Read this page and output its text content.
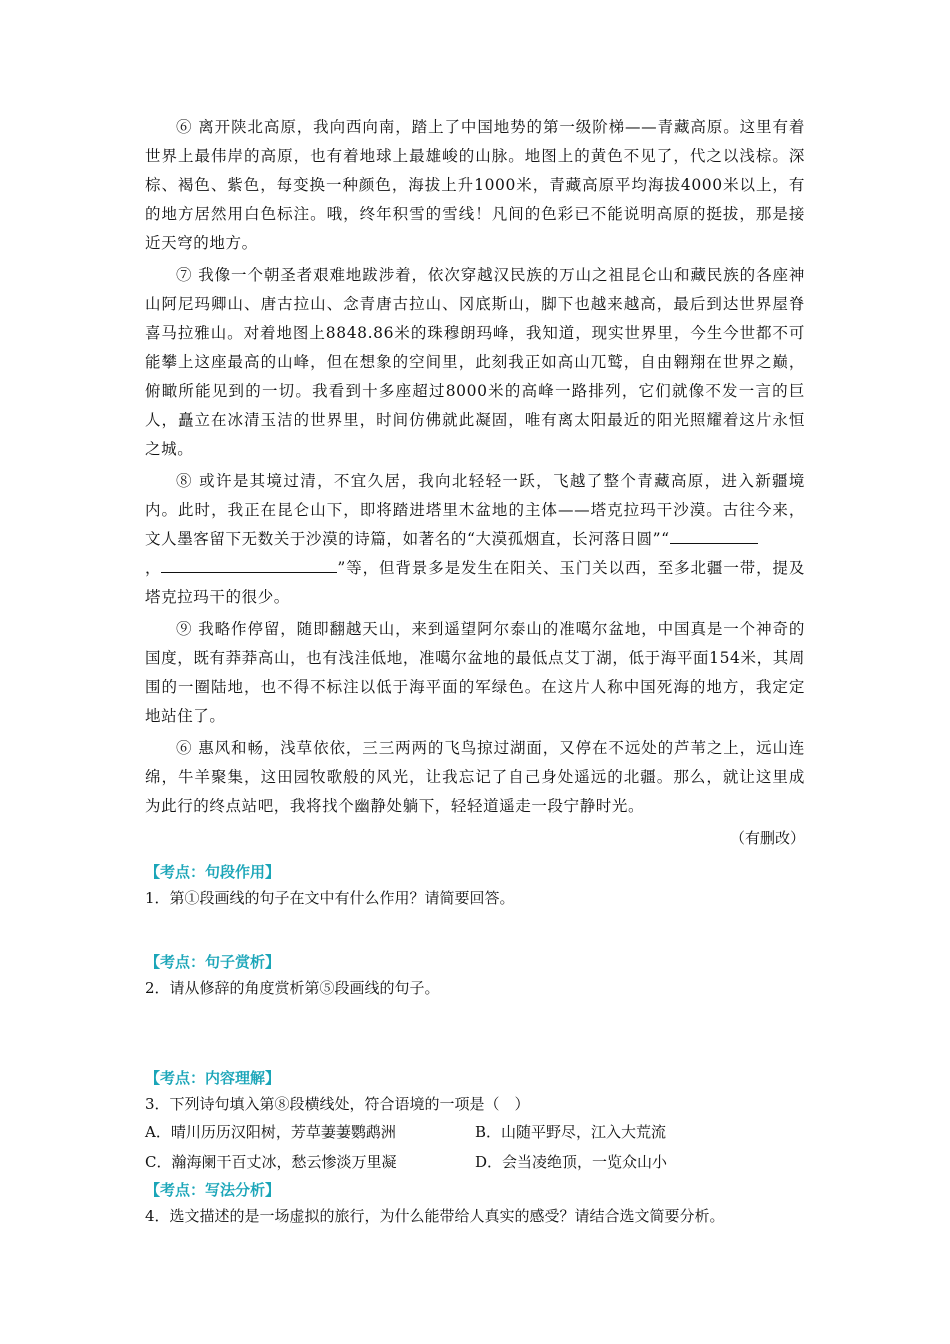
⑥ 离开陕北高原，我向西向南，踏上了中国地势的第一级阶梯——青藏高原。这里有着世界上最伟岸的高原，也有着地球上最雄峻的山脉。地图上的黄色不见了，代之以浅棕。深棕、褐色、紫色，每变换一种颜色，海拔上升1000米，青藏高原平均海拔4000米以上，有的地方居然用白色标注。哦，终年积雪的雪线！凡间的色彩已不能说明高原的挺拔，那是接近天穹的地方。

⑦ 我像一个朝圣者艰难地跋涉着，依次穿越汉民族的万山之祖昆仑山和藏民族的各座神山阿尼玛卿山、唐古拉山、念青唐古拉山、冈底斯山，脚下也越来越高，最后到达世界屋脊喜马拉雅山。对着地图上8848.86米的珠穆朗玛峰，我知道，现实世界里，今生今世都不可能攀上这座最高的山峰，但在想象的空间里，此刻我正如高山兀鹫，自由翱翔在世界之巅，俯瞰所能见到的一切。我看到十多座超过8000米的高峰一路排列，它们就像不发一言的巨人，矗立在冰清玉洁的世界里，时间仿佛就此凝固，唯有离太阳最近的阳光照耀着这片永恒之城。

⑧ 或许是其境过清，不宜久居，我向北轻轻一跃，飞越了整个青藏高原，进入新疆境内。此时，我正在昆仑山下，即将踏进塔里木盆地的主体——塔克拉玛干沙漠。古往今来，文人墨客留下无数关于沙漠的诗篇，如著名的“大漠孤烟直，长河落日圆”“
，	”等，但背景多是发生在阳关、玉门关以西，至多北疆一带，提及塔克拉玛干的很少。

⑨ 我略作停留，随即翻越天山，来到遥望阿尔泰山的准噶尔盆地，中国真是一个神奇的国度，既有莽莽高山，也有浅洼低地，准噶尔盆地的最低点艾丁湖，低于海平面154米，其周围的一圈陆地，也不得不标注以低于海平面的军绿色。在这片人称中国死海的地方，我定定地站住了。

⑥ 惠风和畅，浅草依依，三三两两的飞鸟掠过湖面，又停在不远处的芦苇之上，远山连绵，牛羊聚集，这田园牧歌般的风光，让我忘记了自己身处遥远的北疆。那么，就让这里成为此行的终点站吧，我将找个幽静处躺下，轻轻道遥走一段宁静时光。

（有删改）
【考点：句段作用】
1．第①段画线的句子在文中有什么作用？请简要回答。
【考点：句子赏析】
2．请从修辞的角度赏析第⑤段画线的句子。
【考点：内容理解】
3．下列诗句填入第⑧段横线处，符合语境的一项是（　）
A．晴川历历汉阳树，芳草萋萋鹦鹉洲	B．山随平野尽，江入大荒流
C．瀚海阑干百丈冰，愁云惨淡万里凝	D．会当凌绝顶，一览众山小
【考点：写法分析】
4．选文描述的是一场虚拟的旅行，为什么能带给人真实的感受？请结合选文简要分析。
